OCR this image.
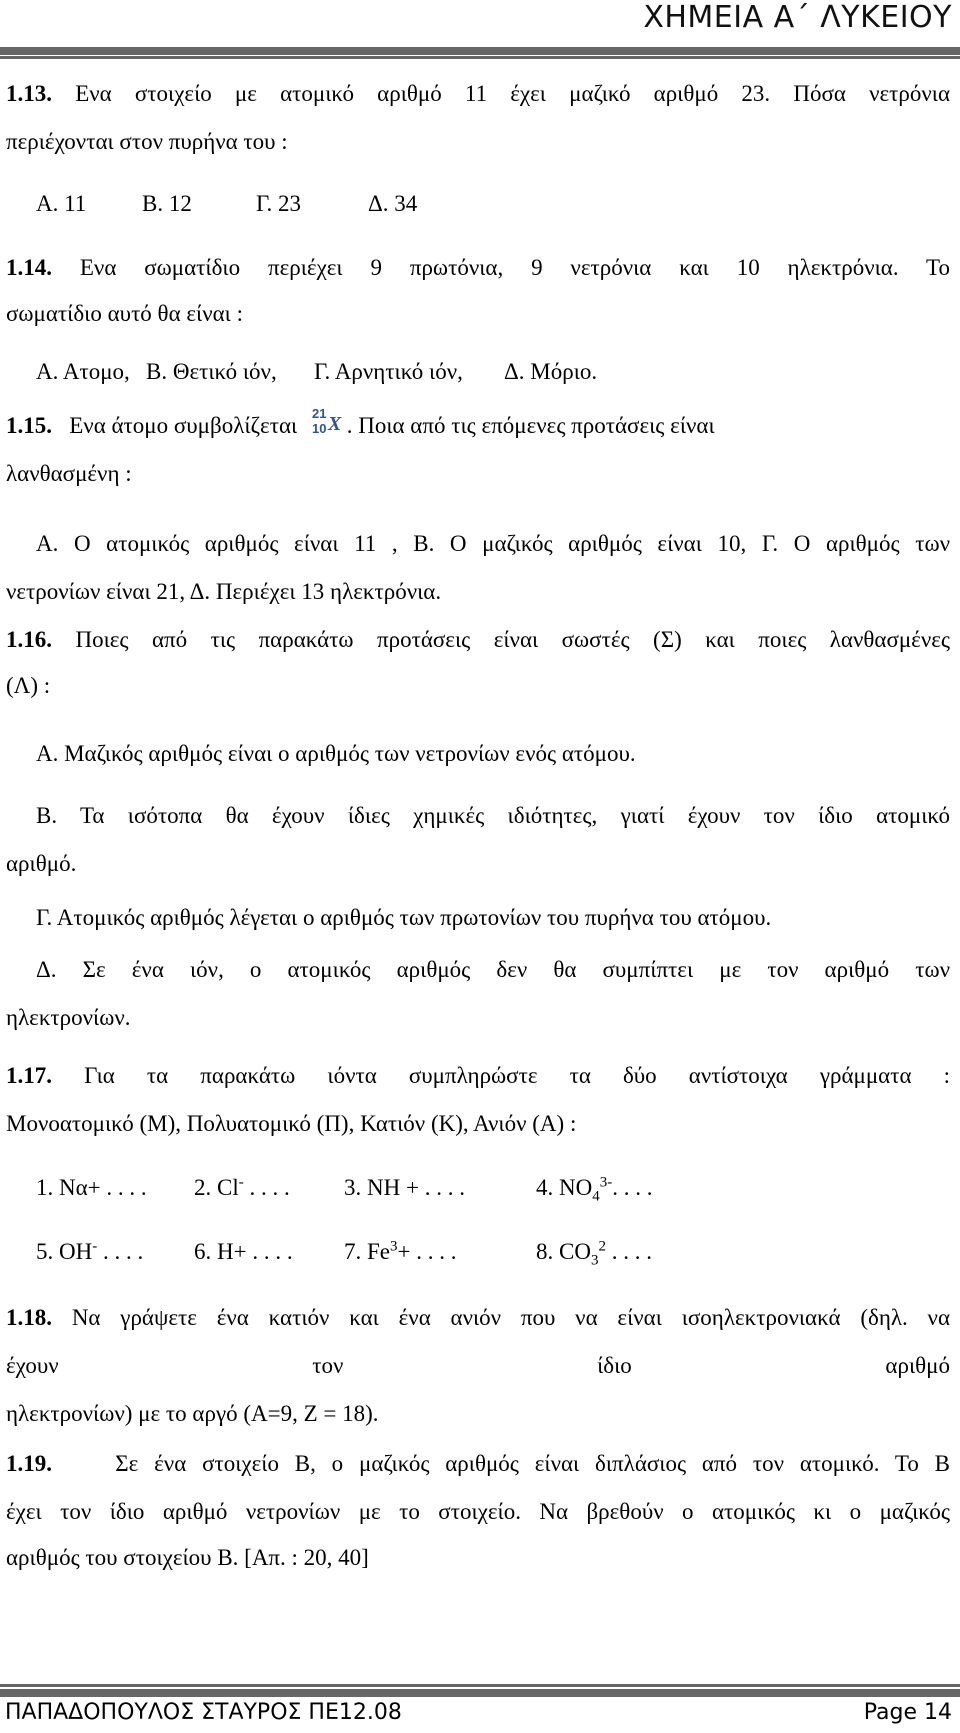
ΧΗΜΕΙΑ Α΄ ΛΥΚΕΙΟΥ
1.13. Ενα στοιχείο με ατομικό αριθμό 11 έχει μαζικό αριθμό 23. Πόσα νετρόνια
περιέχονται στον πυρήνα του :
Α. 11 Β. 12	Γ. 23	Δ. 34
1.14. Ενα σωματίδιο περιέχει 9 πρωτόνια, 9 νετρόνια και 10 ηλεκτρόνια. Το
σωματίδιο αυτό θα είναι :
Α. Ατομο, Β. Θετικό ιόν, Γ. Αρνητικό ιόν, Δ. Μόριο.
1.15. Ενα άτομο συμβολίζεται 21
10 X . Ποια από τις επόμενες προτάσεις είναι
λανθασμένη :
Α. Ο ατομικός αριθμός είναι 11 , Β. Ο μαζικός αριθμός είναι 10, Γ. Ο αριθμός των
νετρονίων είναι 21, Δ. Περιέχει 13 ηλεκτρόνια.
1.16. Ποιες από τις παρακάτω προτάσεις είναι σωστές (Σ) και ποιες λανθασμένες
(Λ) :
Α. Μαζικός αριθμός είναι ο αριθμός των νετρονίων ενός ατόμου.
Β. Τα ισότοπα θα έχουν ίδιες χημικές ιδιότητες, γιατί έχουν τον ίδιο ατομικό
αριθμό.
Γ. Ατομικός αριθμός λέγεται ο αριθμός των πρωτονίων του πυρήνα του ατόμου.
Δ. Σε ένα ιόν, ο ατομικός αριθμός δεν θα συμπίπτει με τον αριθμό των
ηλεκτρονίων.
1.17. Για τα παρακάτω ιόντα συμπληρώστε τα δύο αντίστοιχα γράμματα :
Μονοατομικό (Μ), Πολυατομικό (Π), Κατιόν (Κ), Ανιόν (Α) :
1. Να+ . . . . 2. Cl- . . . . 3. NH + . . . .	4. $NO_4^{3-}$. . . .
5. OH- . . . . 6. H+ . . . . 7. $Fe^3+$ . . . .	8. $CO_3^2$ . . . .
1.18. Να γράψετε ένα κατιόν και ένα ανιόν που να είναι ισοηλεκτρονιακά (δηλ. να
έχουν τον ίδιο αριθμό
ηλεκτρονίων) με το αργό (Α=9, Z = 18).
1.19.	Σε ένα στοιχείο Β, ο μαζικός αριθμός είναι διπλάσιος από τον ατομικό. Το Β
έχει τον ίδιο αριθμό νετρονίων με το στοιχείο. Να βρεθούν ο ατομικός κι ο μαζικός
αριθμός του στοιχείου Β. [Απ. : 20, 40]
ΠΑΠΑΔΟΠΟΥΛΟΣ ΣΤΑΥΡΟΣ ΠΕ12.08	Page 14
